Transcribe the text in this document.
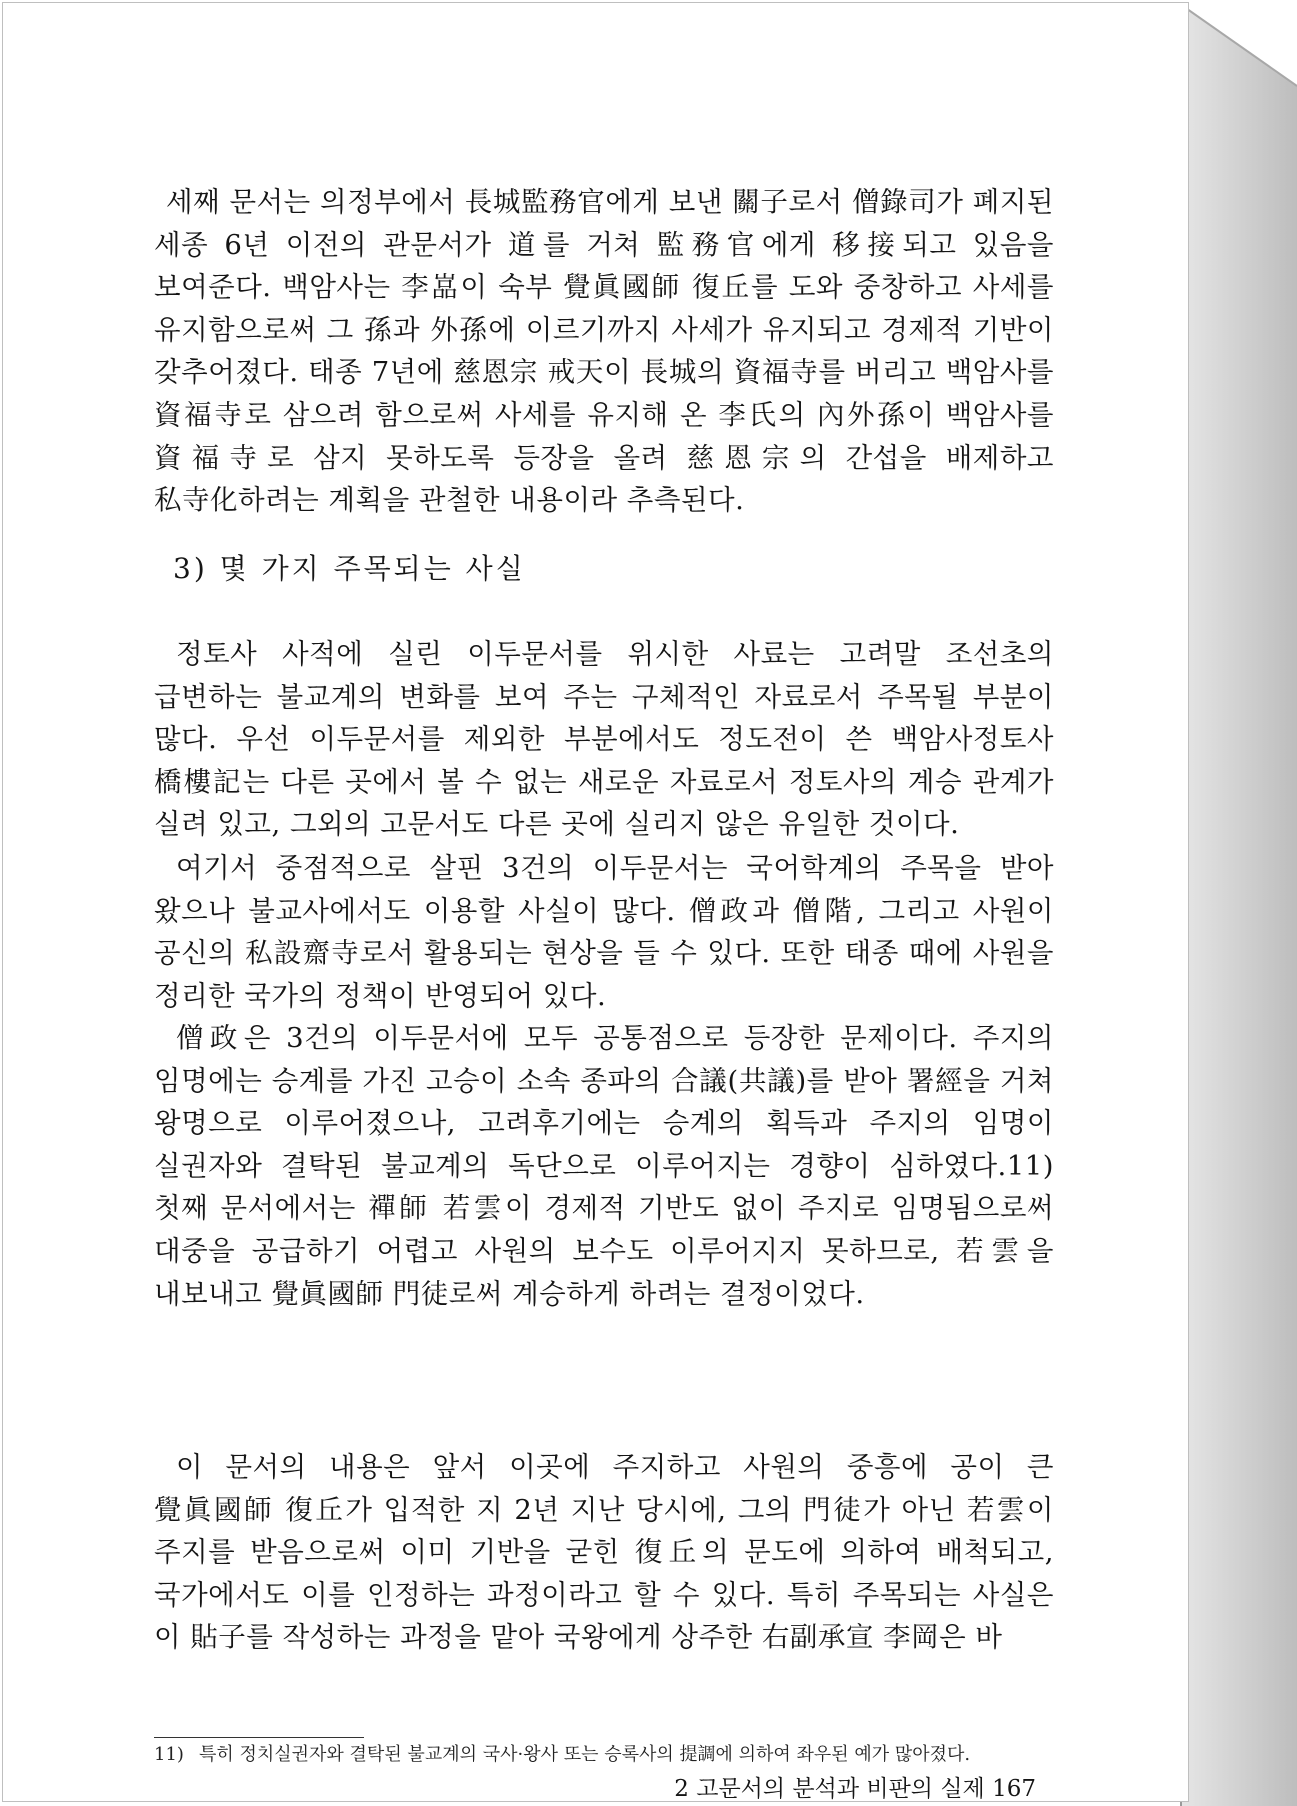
세째 문서는 의정부에서 長城監務官에게 보낸 關子로서 僧錄司가 폐지된 세종 6년 이전의 관문서가 道를 거쳐 監務官에게 移接되고 있음을 보여준다. 백암사는 李嵓이 숙부 覺眞國師 復丘를 도와 중창하고 사세를 유지함으로써 그 孫과 外孫에 이르기까지 사세가 유지되고 경제적 기반이 갖추어졌다. 태종 7년에 慈恩宗 戒天이 長城의 資福寺를 버리고 백암사를 資福寺로 삼으려 함으로써 사세를 유지해 온 李氏의 內外孫이 백암사를 資福寺로 삼지 못하도록 등장을 올려 慈恩宗의 간섭을 배제하고 私寺化하려는 계획을 관철한 내용이라 추측된다.
3) 몇 가지 주목되는 사실
정토사 사적에 실린 이두문서를 위시한 사료는 고려말 조선초의 급변하는 불교계의 변화를 보여 주는 구체적인 자료로서 주목될 부분이 많다. 우선 이두문서를 제외한 부분에서도 정도전이 쓴 백암사정토사 橋樓記는 다른 곳에서 볼 수 없는 새로운 자료로서 정토사의 계승 관계가 실려 있고, 그외의 고문서도 다른 곳에 실리지 않은 유일한 것이다.
여기서 중점적으로 살핀 3건의 이두문서는 국어학계의 주목을 받아 왔으나 불교사에서도 이용할 사실이 많다. 僧政과 僧階, 그리고 사원이 공신의 私設齋寺로서 활용되는 현상을 들 수 있다. 또한 태종 때에 사원을 정리한 국가의 정책이 반영되어 있다.
僧政은 3건의 이두문서에 모두 공통점으로 등장한 문제이다. 주지의 임명에는 승계를 가진 고승이 소속 종파의 合議(共議)를 받아 署經을 거쳐 왕명으로 이루어졌으나, 고려후기에는 승계의 획득과 주지의 임명이 실권자와 결탁된 불교계의 독단으로 이루어지는 경향이 심하였다.11) 첫째 문서에서는 禪師 若雲이 경제적 기반도 없이 주지로 임명됨으로써 대중을 공급하기 어렵고 사원의 보수도 이루어지지 못하므로, 若雲을 내보내고 覺眞國師 門徒로써 계승하게 하려는 결정이었다.
이 문서의 내용은 앞서 이곳에 주지하고 사원의 중흥에 공이 큰 覺眞國師 復丘가 입적한 지 2년 지난 당시에, 그의 門徒가 아닌 若雲이 주지를 받음으로써 이미 기반을 굳힌 復丘의 문도에 의하여 배척되고, 국가에서도 이를 인정하는 과정이라고 할 수 있다. 특히 주목되는 사실은 이 貼子를 작성하는 과정을 맡아 국왕에게 상주한 右副承宣 李岡은 바
11) 특히 정치실권자와 결탁된 불교계의 국사·왕사 또는 승록사의 提調에 의하여 좌우된 예가 많아졌다.
2 고문서의 분석과 비판의 실제 167
